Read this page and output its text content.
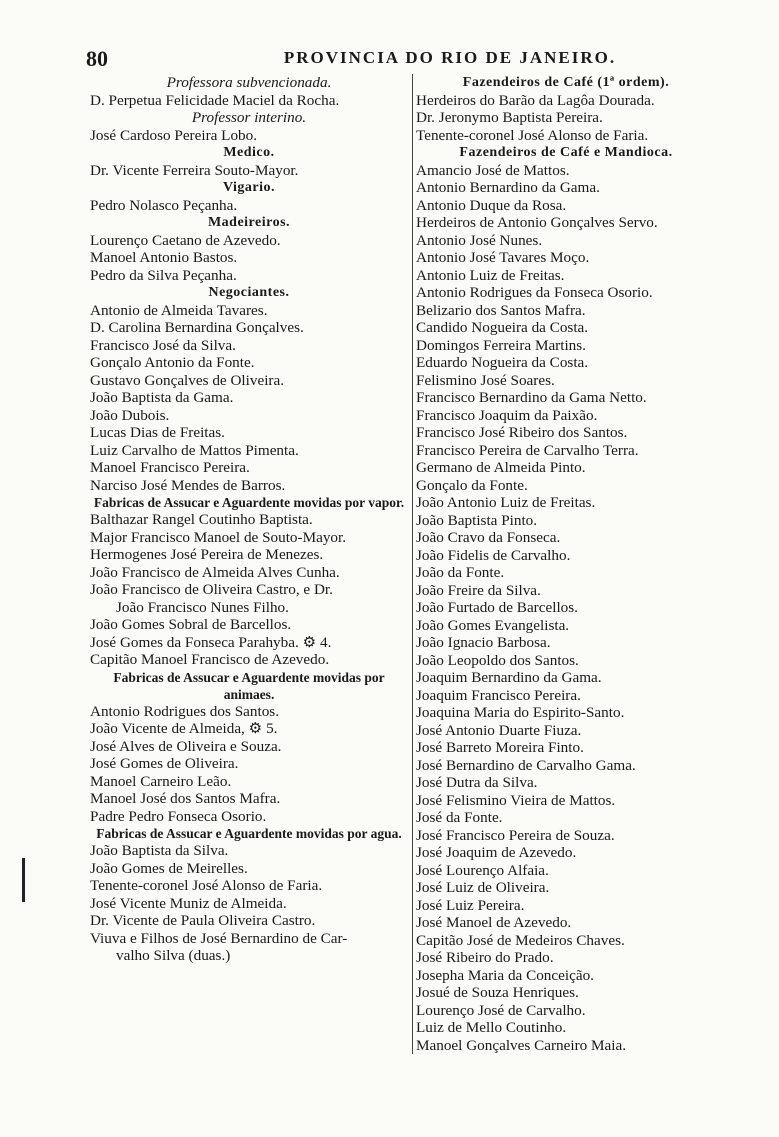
80	PROVINCIA DO RIO DE JANEIRO.
Professora subvencionada.
D. Perpetua Felicidade Maciel da Rocha.
Professor interino.
José Cardoso Pereira Lobo.
Medico.
Dr. Vicente Ferreira Souto-Mayor.
Vigario.
Pedro Nolasco Peçanha.
Madeireiros.
Lourenço Caetano de Azevedo.
Manoel Antonio Bastos.
Pedro da Silva Peçanha.
Negociantes.
Antonio de Almeida Tavares.
D. Carolina Bernardina Gonçalves.
Francisco José da Silva.
Gonçalo Antonio da Fonte.
Gustavo Gonçalves de Oliveira.
João Baptista da Gama.
João Dubois.
Lucas Dias de Freitas.
Luiz Carvalho de Mattos Pimenta.
Manoel Francisco Pereira.
Narciso José Mendes de Barros.
Fabricas de Assucar e Aguardente movidas por vapor.
Balthazar Rangel Coutinho Baptista.
Major Francisco Manoel de Souto-Mayor.
Hermogenes José Pereira de Menezes.
João Francisco de Almeida Alves Cunha.
João Francisco de Oliveira Castro, e Dr.
João Francisco Nunes Filho.
João Gomes Sobral de Barcellos.
José Gomes da Fonseca Parahyba. ⚙ 4.
Capitão Manoel Francisco de Azevedo.
Fabricas de Assucar e Aguardente movidas por animaes.
Antonio Rodrigues dos Santos.
João Vicente de Almeida, ⚙ 5.
José Alves de Oliveira e Souza.
José Gomes de Oliveira.
Manoel Carneiro Leão.
Manoel José dos Santos Mafra.
Padre Pedro Fonseca Osorio.
Fabricas de Assucar e Aguardente movidas por agua.
João Baptista da Silva.
João Gomes de Meirelles.
Tenente-coronel José Alonso de Faria.
José Vicente Muniz de Almeida.
Dr. Vicente de Paula Oliveira Castro.
Viuva e Filhos de José Bernardino de Car-
valho Silva (duas.)
Fazendeiros de Café (1ª ordem).
Herdeiros do Barão da Lagôa Dourada.
Dr. Jeronymo Baptista Pereira.
Tenente-coronel José Alonso de Faria.
Fazendeiros de Café e Mandioca.
Amancio José de Mattos.
Antonio Bernardino da Gama.
Antonio Duque da Rosa.
Herdeiros de Antonio Gonçalves Servo.
Antonio José Nunes.
Antonio José Tavares Moço.
Antonio Luiz de Freitas.
Antonio Rodrigues da Fonseca Osorio.
Belizario dos Santos Mafra.
Candido Nogueira da Costa.
Domingos Ferreira Martins.
Eduardo Nogueira da Costa.
Felismino José Soares.
Francisco Bernardino da Gama Netto.
Francisco Joaquim da Paixão.
Francisco José Ribeiro dos Santos.
Francisco Pereira de Carvalho Terra.
Germano de Almeida Pinto.
Gonçalo da Fonte.
João Antonio Luiz de Freitas.
João Baptista Pinto.
João Cravo da Fonseca.
João Fidelis de Carvalho.
João da Fonte.
João Freire da Silva.
João Furtado de Barcellos.
João Gomes Evangelista.
João Ignacio Barbosa.
João Leopoldo dos Santos.
Joaquim Bernardino da Gama.
Joaquim Francisco Pereira.
Joaquina Maria do Espirito-Santo.
José Antonio Duarte Fiuza.
José Barreto Moreira Finto.
José Bernardino de Carvalho Gama.
José Dutra da Silva.
José Felismino Vieira de Mattos.
José da Fonte.
José Francisco Pereira de Souza.
José Joaquim de Azevedo.
José Lourenço Alfaia.
José Luiz de Oliveira.
José Luiz Pereira.
José Manoel de Azevedo.
Capitão José de Medeiros Chaves.
José Ribeiro do Prado.
Josepha Maria da Conceição.
Josué de Souza Henriques.
Lourenço José de Carvalho.
Luiz de Mello Coutinho.
Manoel Gonçalves Carneiro Maia.
